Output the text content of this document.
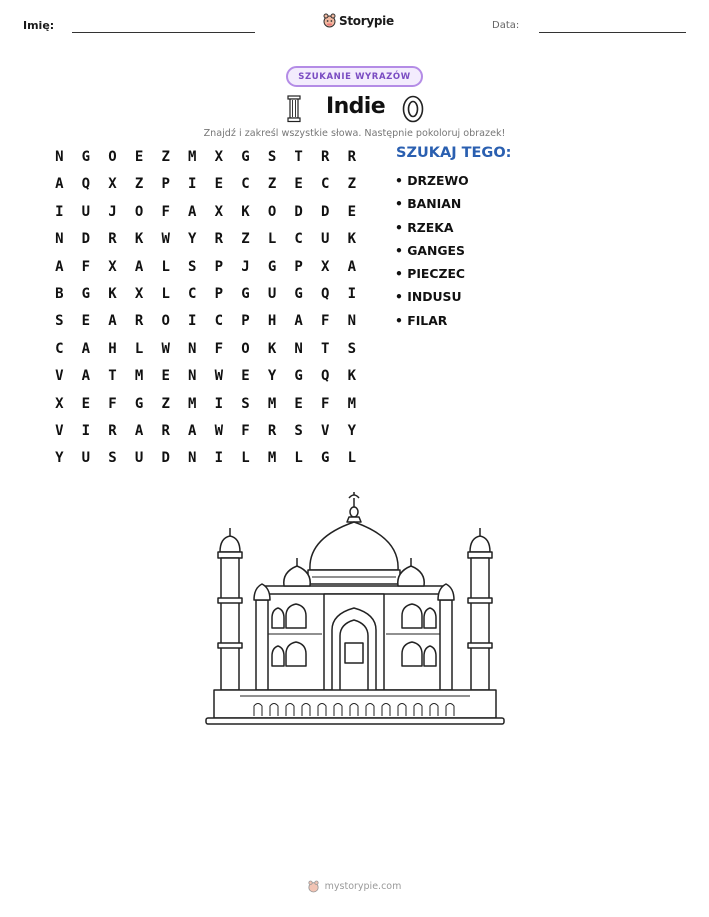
Imię:	Storypie	Data:
SZUKANIE WYRAZÓW
Indie
Znajdź i zakreśl wszystkie słowa. Następnie pokoloruj obrazek!
N	G	O	E	Z	M	X	G	S	T	R	R
A	Q	X	Z	P	I	E	C	Z	E	C	Z
I	U	J	O	F	A	X	K	O	D	D	E
N	D	R	K	W	Y	R	Z	L	C	U	K
A	F	X	A	L	S	P	J	G	P	X	A
B	G	K	X	L	C	P	G	U	G	Q	I
S	E	A	R	O	I	C	P	H	A	F	N
C	A	H	L	W	N	F	O	K	N	T	S
V	A	T	M	E	N	W	E	Y	G	Q	K
X	E	F	G	Z	M	I	S	M	E	F	M
V	I	R	A	R	A	W	F	R	S	V	Y
Y	U	S	U	D	N	I	L	M	L	G	L
SZUKAJ TEGO:
• DRZEWO
• BANIAN
• RZEKA
• GANGES
• PIECZEC
• INDUSU
• FILAR
mystorypie.com
